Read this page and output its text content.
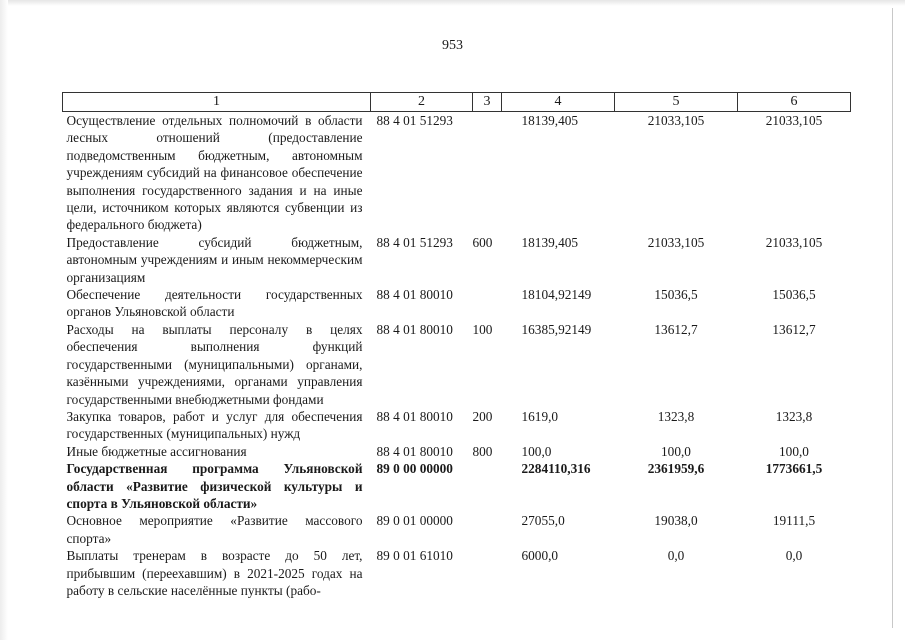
953
1	2	3	4	5	6
Осуществление отдельных полномочий в области лесных отношений (предоставление подведомственным бюджетным, автономным учреждениям субсидий на финансовое обеспечение выполнения государственного задания и на иные цели, источником которых являются субвенции из федерального бюджета)	88 4 01 51293		18139,405	21033,105	21033,105
Предоставление субсидий бюджетным, автономным учреждениям и иным некоммерческим организациям	88 4 01 51293	600	18139,405	21033,105	21033,105
Обеспечение деятельности государственных органов Ульяновской области	88 4 01 80010		18104,92149	15036,5	15036,5
Расходы на выплаты персоналу в целях обеспечения выполнения функций государственными (муниципальными) органами, казёнными учреждениями, органами управления государственными внебюджетными фондами	88 4 01 80010	100	16385,92149	13612,7	13612,7
Закупка товаров, работ и услуг для обеспечения государственных (муниципальных) нужд	88 4 01 80010	200	1619,0	1323,8	1323,8
Иные бюджетные ассигнования	88 4 01 80010	800	100,0	100,0	100,0
Государственная программа Ульяновской области «Развитие физической культуры и спорта в Ульяновской области»	89 0 00 00000		2284110,316	2361959,6	1773661,5
Основное мероприятие «Развитие массового спорта»	89 0 01 00000		27055,0	19038,0	19111,5
Выплаты тренерам в возрасте до 50 лет, прибывшим (переехавшим) в 2021-2025 годах на работу в сельские населённые пункты (рабо-	89 0 01 61010		6000,0	0,0	0,0
